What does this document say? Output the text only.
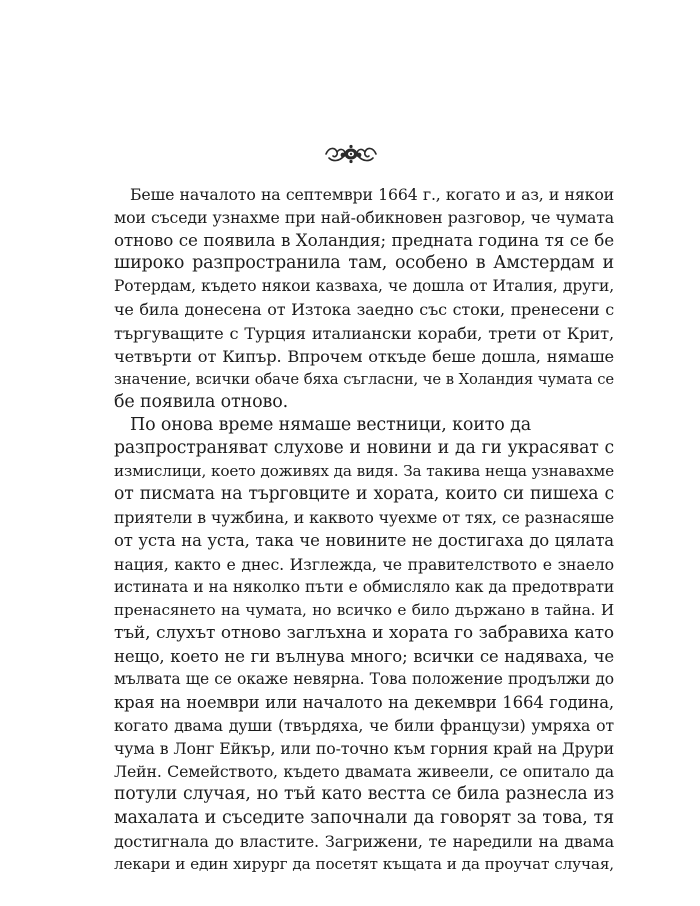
Беше началото на септември 1664 г., когато и аз, и някои
мои съседи узнахме при най-обикновен разговор, че чумата
отново се появила в Холандия; предната година тя се бе
широко разпространила там, особено в Амстердам и
Ротердам, където някои казваха, че дошла от Италия, други,
че била донесена от Изтока заедно със стоки, пренесени с
търгуващите с Турция италиански кораби, трети от Крит,
четвърти от Кипър. Впрочем откъде беше дошла, нямаше
значение, всички обаче бяха съгласни, че в Холандия чумата се
бе появила отново.
По онова време нямаше вестници, които да
разпространяват слухове и новини и да ги украсяват с
измислици, което доживях да видя. За такива неща узнавахме
от писмата на търговците и хората, които си пишеха с
приятели в чужбина, и каквото чуехме от тях, се разнасяше
от уста на уста, така че новините не достигаха до цялата
нация, както е днес. Изглежда, че правителството е знаело
истината и на няколко пъти е обмисляло как да предотврати
пренасянето на чумата, но всичко е било държано в тайна. И
тъй, слухът отново заглъхна и хората го забравиха като
нещо, което не ги вълнува много; всички се надяваха, че
мълвата ще се окаже невярна. Това положение продължи до
края на ноември или началото на декември 1664 година,
когато двама души (твърдяха, че били французи) умряха от
чума в Лонг Ейкър, или по-точно към горния край на Друри
Лейн. Семейството, където двамата живеели, се опитало да
потули случая, но тъй като вестта се била разнесла из
махалата и съседите започнали да говорят за това, тя
достигнала до властите. Загрижени, те наредили на двама
лекари и един хирург да посетят къщата и да проучат случая,
